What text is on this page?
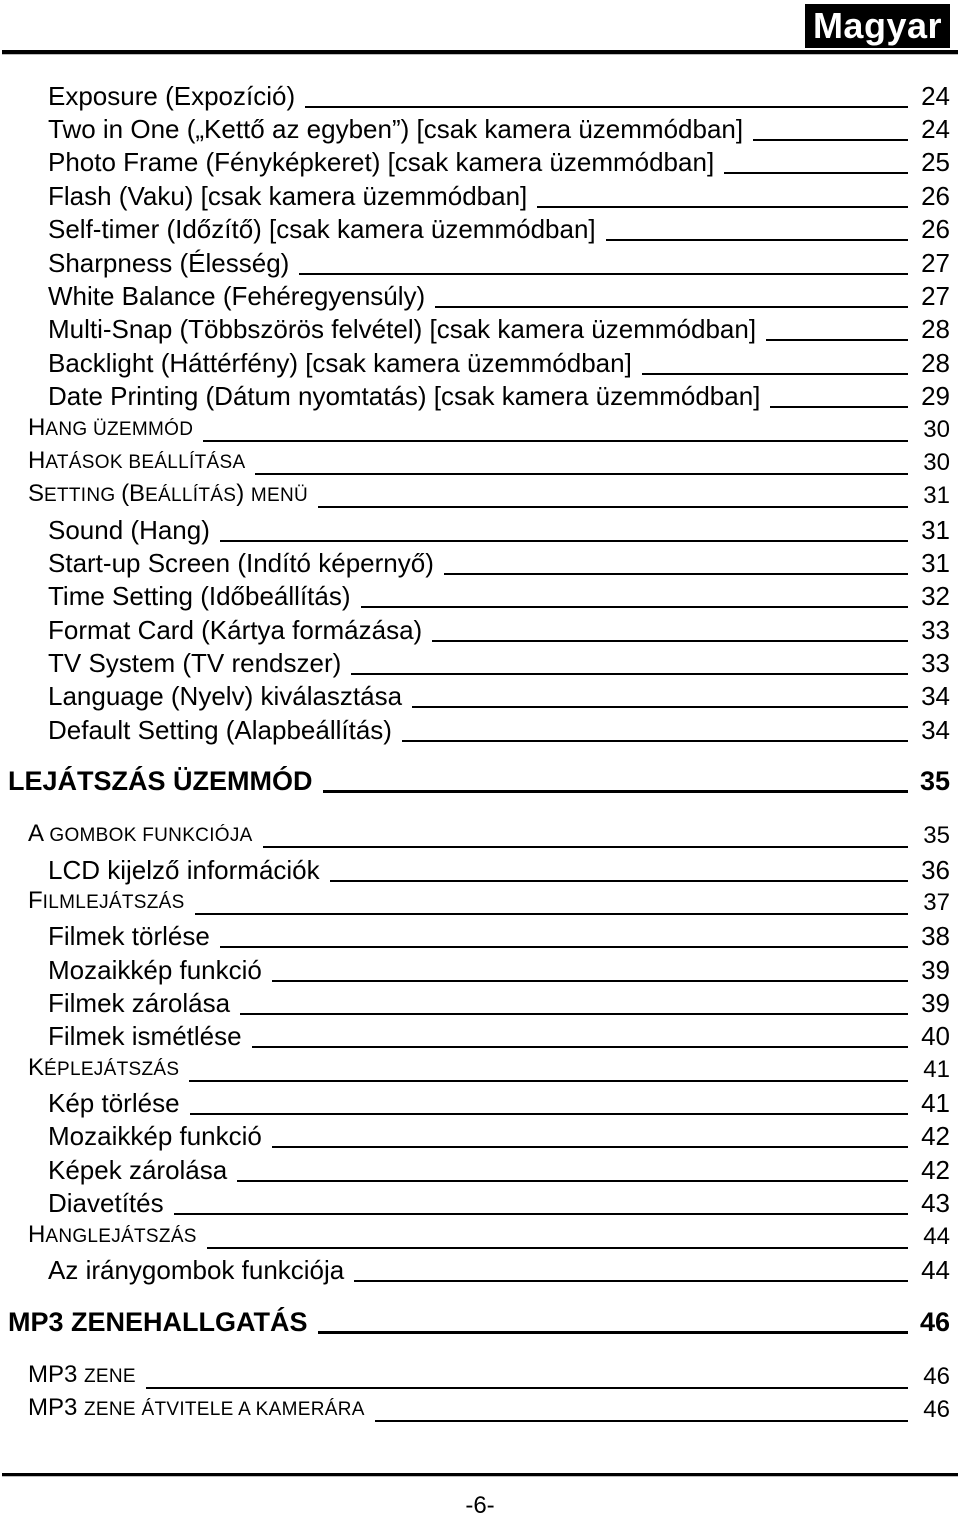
Magyar
Exposure (Expozíció)	24
Two in One („Kettő az egyben”) [csak kamera üzemmódban]	24
Photo Frame (Fényképkeret) [csak kamera üzemmódban]	25
Flash (Vaku) [csak kamera üzemmódban]	26
Self-timer (Időzítő) [csak kamera üzemmódban]	26
Sharpness (Élesség)	27
White Balance (Fehéregyensúly)	27
Multi-Snap (Többszörös felvétel) [csak kamera üzemmódban]	28
Backlight (Háttérfény) [csak kamera üzemmódban]	28
Date Printing (Dátum nyomtatás) [csak kamera üzemmódban]	29
HANG ÜZEMMÓD	30
HATÁSOK BEÁLLÍTÁSA	30
SETTING (BEÁLLÍTÁS) MENÜ	31
Sound (Hang)	31
Start-up Screen (Indító képernyő)	31
Time Setting (Időbeállítás)	32
Format Card (Kártya formázása)	33
TV System (TV rendszer)	33
Language (Nyelv) kiválasztása	34
Default Setting (Alapbeállítás)	34
LEJÁTSZÁS ÜZEMMÓD	35
A GOMBOK FUNKCIÓJA	35
LCD kijelző információk	36
FILMLEJÁTSZÁS	37
Filmek törlése	38
Mozaikkép funkció	39
Filmek zárolása	39
Filmek ismétlése	40
KÉPLEJÁTSZÁS	41
Kép törlése	41
Mozaikkép funkció	42
Képek zárolása	42
Diavetítés	43
HANGLEJÁTSZÁS	44
Az iránygombok funkciója	44
MP3 ZENEHALLGATÁS	46
MP3 ZENE	46
MP3 ZENE ÁTVITELE A KAMERÁRA	46
-6-
